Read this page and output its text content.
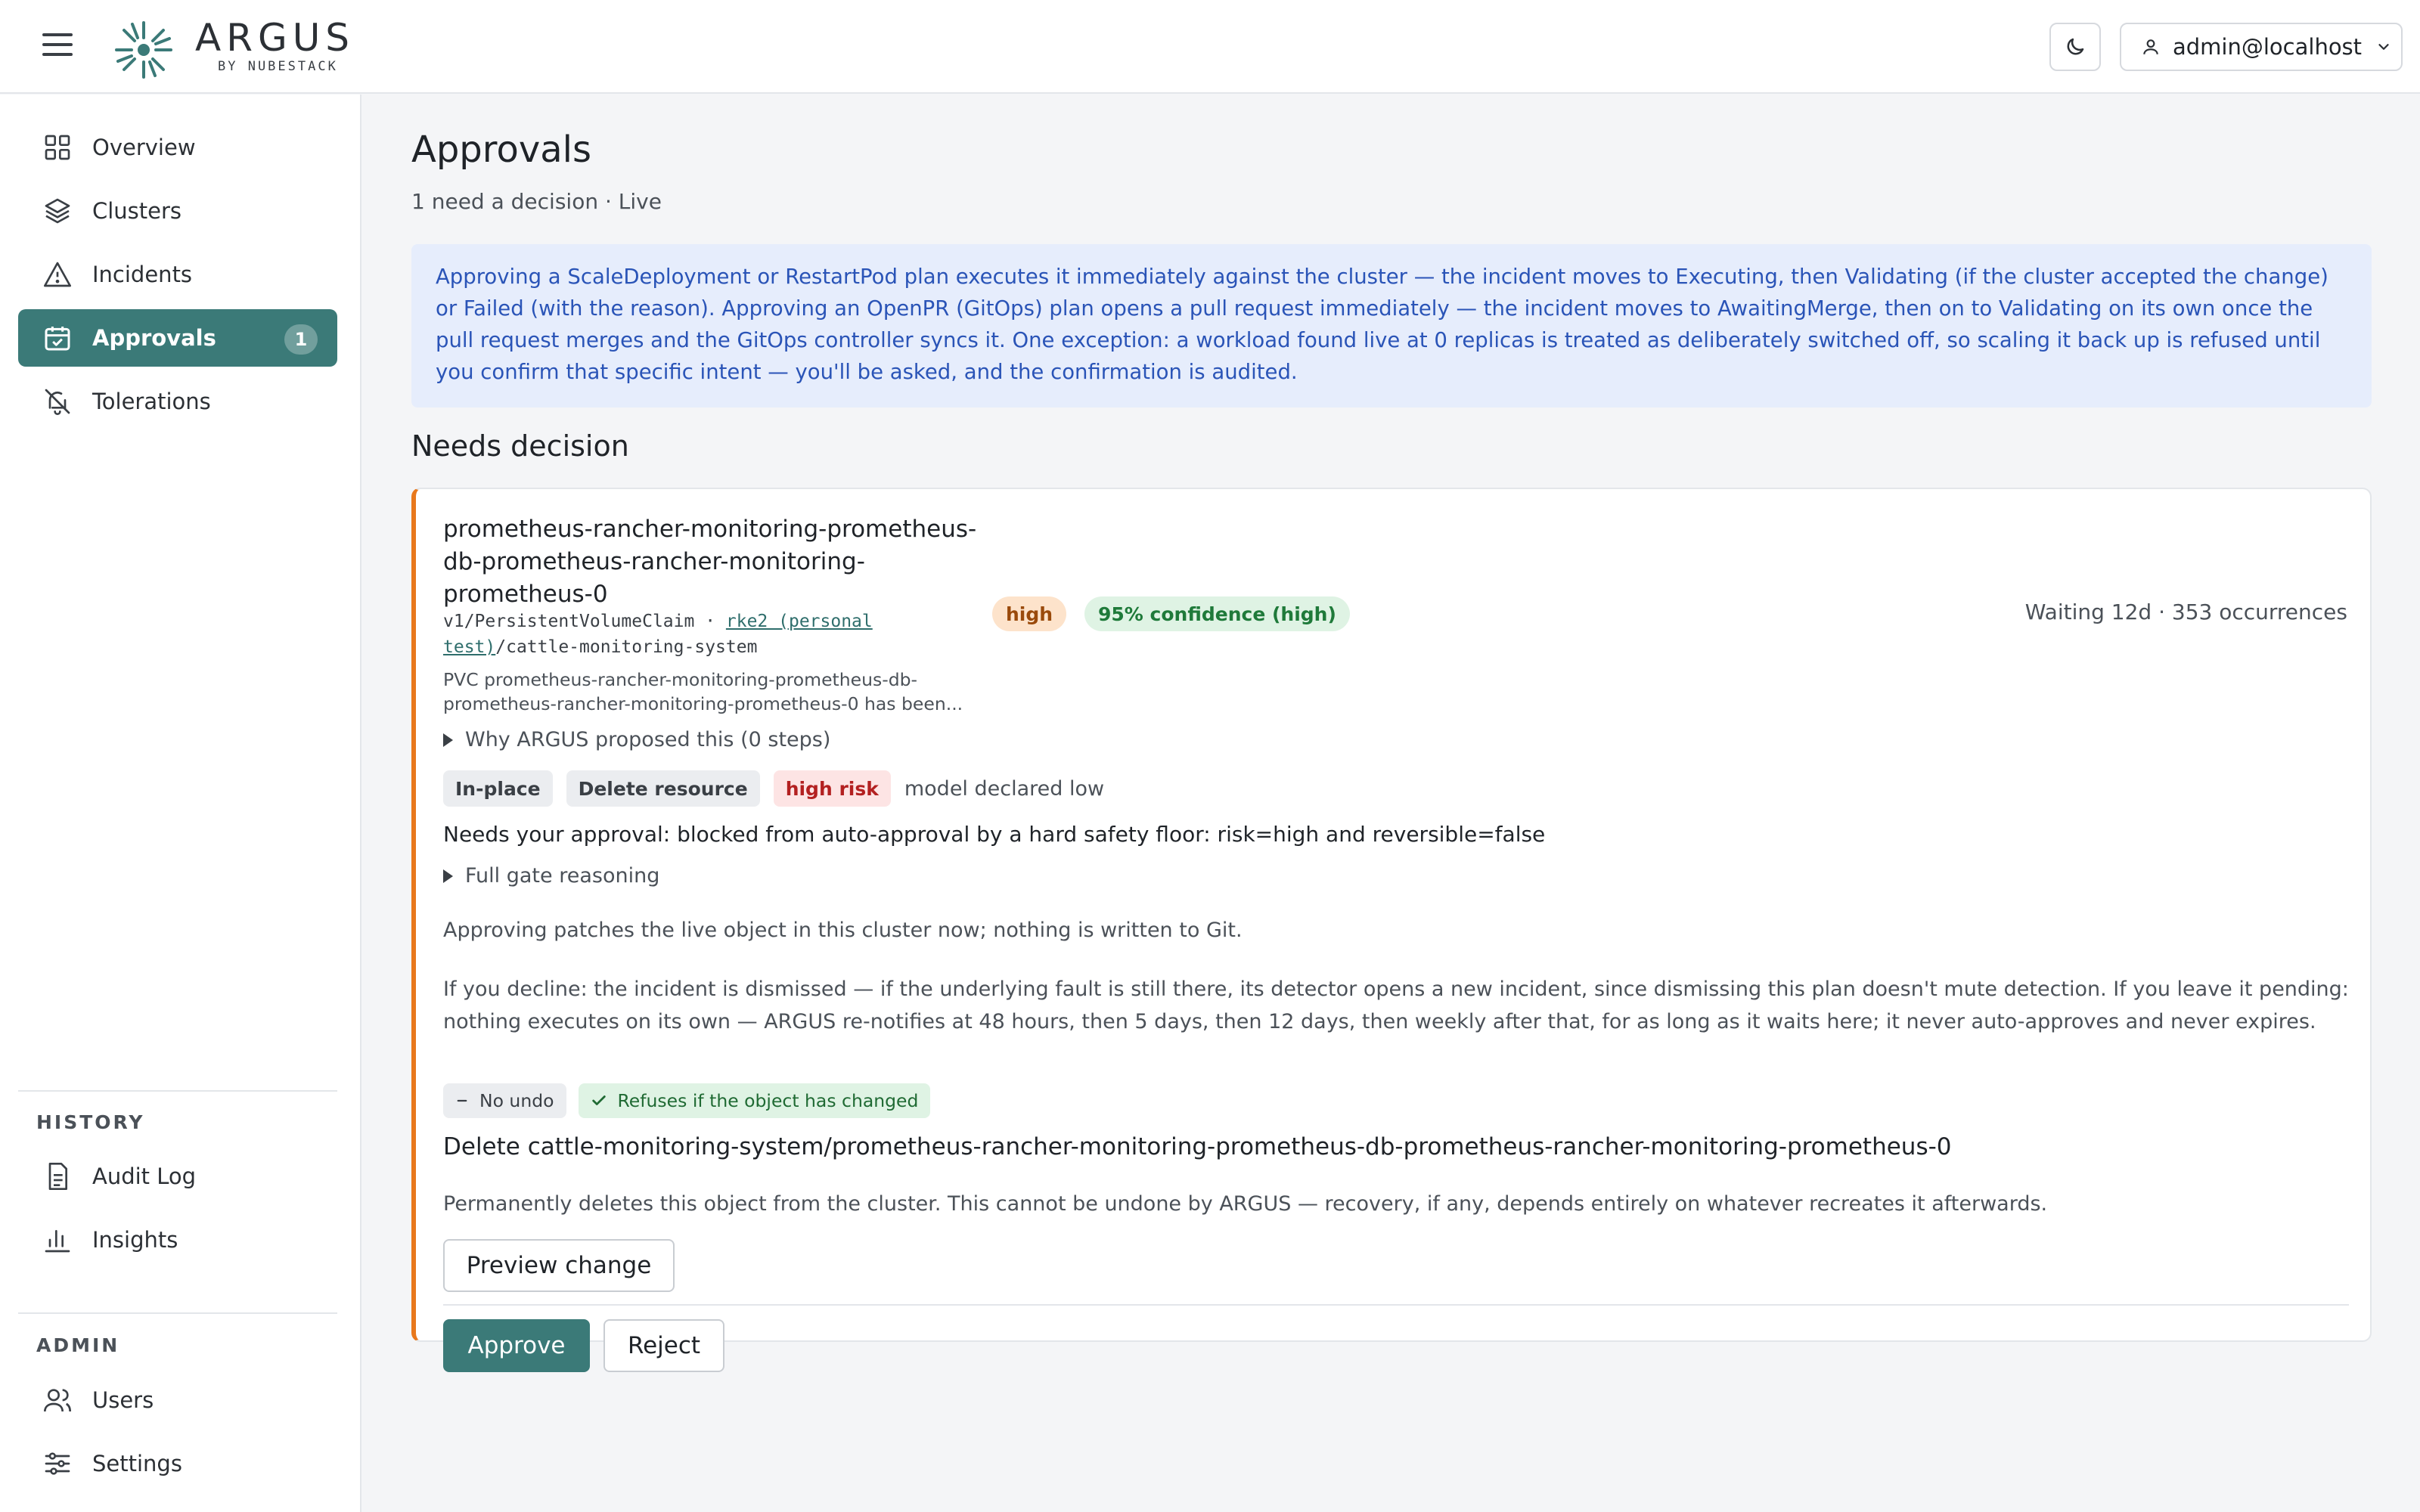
ARGUS
BY NUBESTACK
admin@localhost
Overview
Clusters
Incidents
Approvals	1
Tolerations
HISTORY
Audit Log
Insights
ADMIN
Users
Settings
Approvals
1 need a decision · Live
Approving a ScaleDeployment or RestartPod plan executes it immediately against the cluster — the incident moves to Executing, then Validating (if the cluster accepted the change) or Failed (with the reason). Approving an OpenPR (GitOps) plan opens a pull request immediately — the incident moves to AwaitingMerge, then on to Validating on its own once the pull request merges and the GitOps controller syncs it. One exception: a workload found live at 0 replicas is treated as deliberately switched off, so scaling it back up is refused until you confirm that specific intent — you'll be asked, and the confirmation is audited.
Needs decision
prometheus-rancher-monitoring-prometheus-db-prometheus-rancher-monitoring-prometheus-0
v1/PersistentVolumeClaim · rke2 (personal test)/cattle-monitoring-system
PVC prometheus-rancher-monitoring-prometheus-db-
prometheus-rancher-monitoring-prometheus-0 has been...
high	95% confidence (high)	Waiting 12d · 353 occurrences
Why ARGUS proposed this (0 steps)
In-place	Delete resource	high risk	model declared low
Needs your approval: blocked from auto-approval by a hard safety floor: risk=high and reversible=false
Full gate reasoning
Approving patches the live object in this cluster now; nothing is written to Git.
If you decline: the incident is dismissed — if the underlying fault is still there, its detector opens a new incident, since dismissing this plan doesn't mute detection. If you leave it pending: nothing executes on its own — ARGUS re-notifies at 48 hours, then 5 days, then 12 days, then weekly after that, for as long as it waits here; it never auto-approves and never expires.
No undo	Refuses if the object has changed
Delete cattle-monitoring-system/prometheus-rancher-monitoring-prometheus-db-prometheus-rancher-monitoring-prometheus-0
Permanently deletes this object from the cluster. This cannot be undone by ARGUS — recovery, if any, depends entirely on whatever recreates it afterwards.
Preview change
Approve	Reject
